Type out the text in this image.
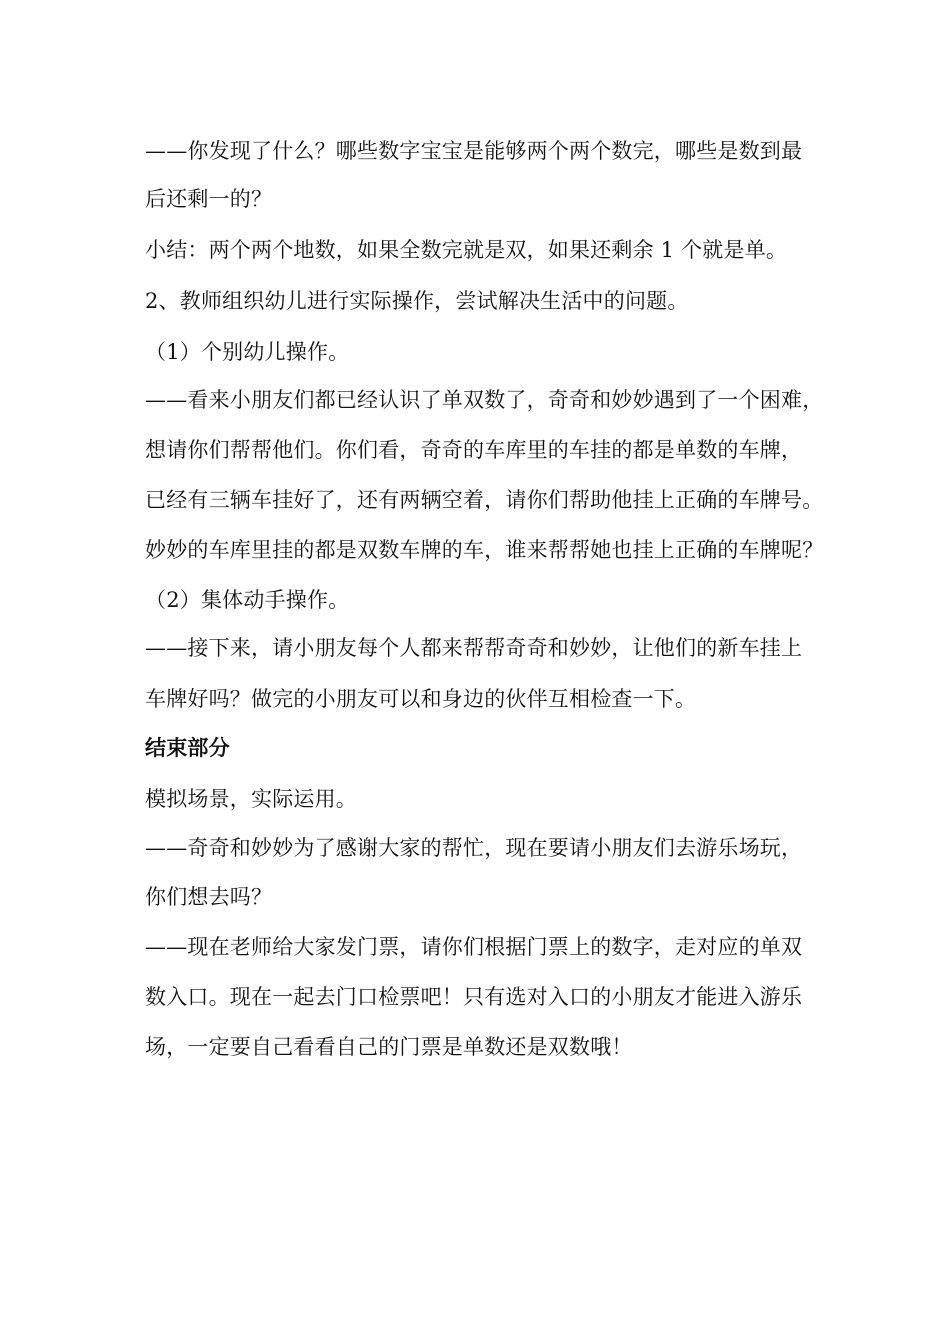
——你发现了什么？哪些数字宝宝是能够两个两个数完，哪些是数到最
后还剩一的？
小结：两个两个地数，如果全数完就是双，如果还剩余 1 个就是单。
2、教师组织幼儿进行实际操作，尝试解决生活中的问题。
（1）个别幼儿操作。
——看来小朋友们都已经认识了单双数了，奇奇和妙妙遇到了一个困难，
想请你们帮帮他们。你们看，奇奇的车库里的车挂的都是单数的车牌，
已经有三辆车挂好了，还有两辆空着，请你们帮助他挂上正确的车牌号。
妙妙的车库里挂的都是双数车牌的车，谁来帮帮她也挂上正确的车牌呢？
（2）集体动手操作。
——接下来，请小朋友每个人都来帮帮奇奇和妙妙，让他们的新车挂上
车牌好吗？做完的小朋友可以和身边的伙伴互相检查一下。
结束部分
模拟场景，实际运用。
——奇奇和妙妙为了感谢大家的帮忙，现在要请小朋友们去游乐场玩，
你们想去吗？
——现在老师给大家发门票，请你们根据门票上的数字，走对应的单双
数入口。现在一起去门口检票吧！只有选对入口的小朋友才能进入游乐
场，一定要自己看看自己的门票是单数还是双数哦！
